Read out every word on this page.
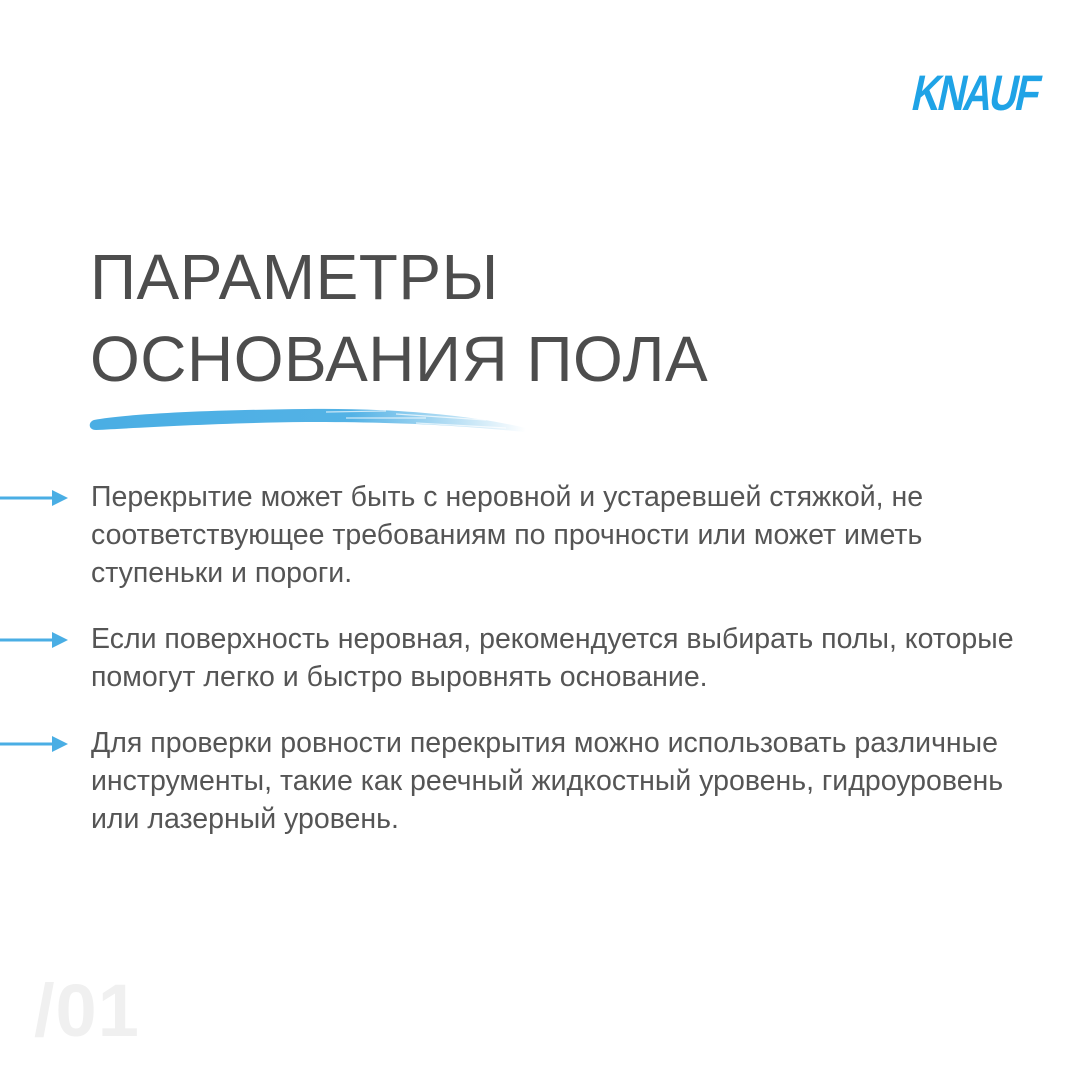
KNAUF
ПАРАМЕТРЫ
ОСНОВАНИЯ ПОЛА
Перекрытие может быть с неровной и устаревшей стяжкой, не соответствующее требованиям по прочности или может иметь ступеньки и пороги.
Если поверхность неровная, рекомендуется выбирать полы, которые помогут легко и быстро выровнять основание.
Для проверки ровности перекрытия можно использовать различные инструменты, такие как реечный жидкостный уровень, гидроуровень или лазерный уровень.
/01
